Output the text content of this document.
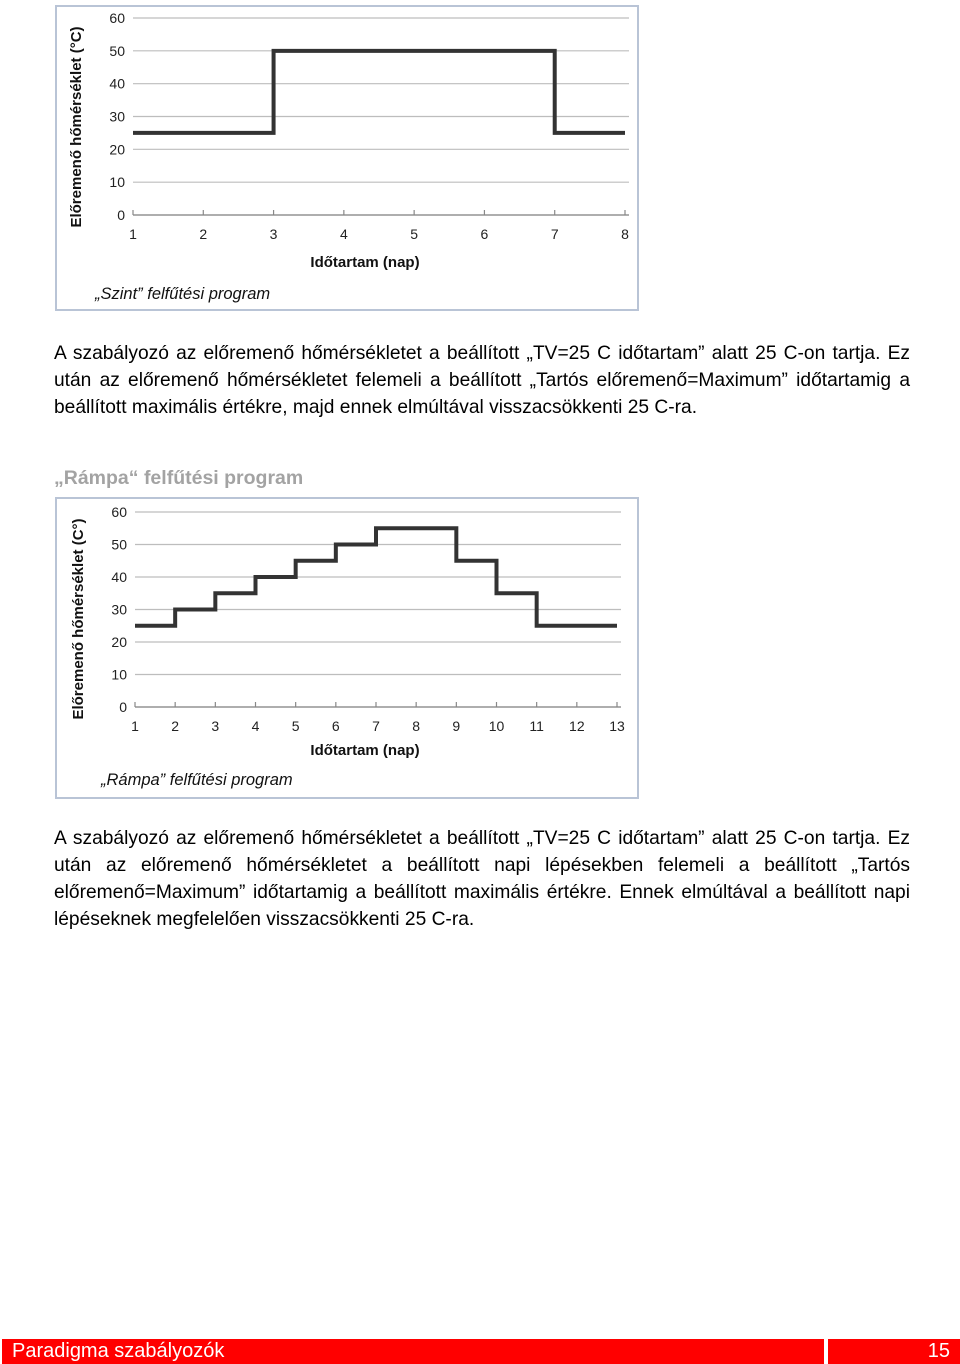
0
10
20
30
40
50
60
1	2	3	4	5	6	7	8
Időtartam (nap)
Előremenő hőmérséklet (°C)
„Szint” felfűtési program

A szabályozó az előremenő hőmérsékletet a beállított „TV=25 C időtartam” alatt 25 C-on tartja. Ez után az előremenő hőmérsékletet felemeli a beállított „Tartós előremenő=Maximum” időtartamig a beállított maximális értékre, majd ennek elmúltával visszacsökkenti 25 C-ra.

„Rámpa“ felfűtési program

0
10
20
30
40
50
60
1 2 3 4 5 6 7 8 9 10 11 12 13
Időtartam (nap)
Előremenő hőmérséklet (C°)
„Rámpa” felfűtési program

A szabályozó az előremenő hőmérsékletet a beállított „TV=25 C időtartam” alatt 25 C-on tartja. Ez után az előremenő hőmérsékletet a beállított napi lépésekben felemeli a beállított „Tartós előremenő=Maximum” időtartamig a beállított maximális értékre. Ennek elmúltával a beállított napi lépéseknek megfelelően visszacsökkenti 25 C-ra.

Paradigma szabályozók	15
